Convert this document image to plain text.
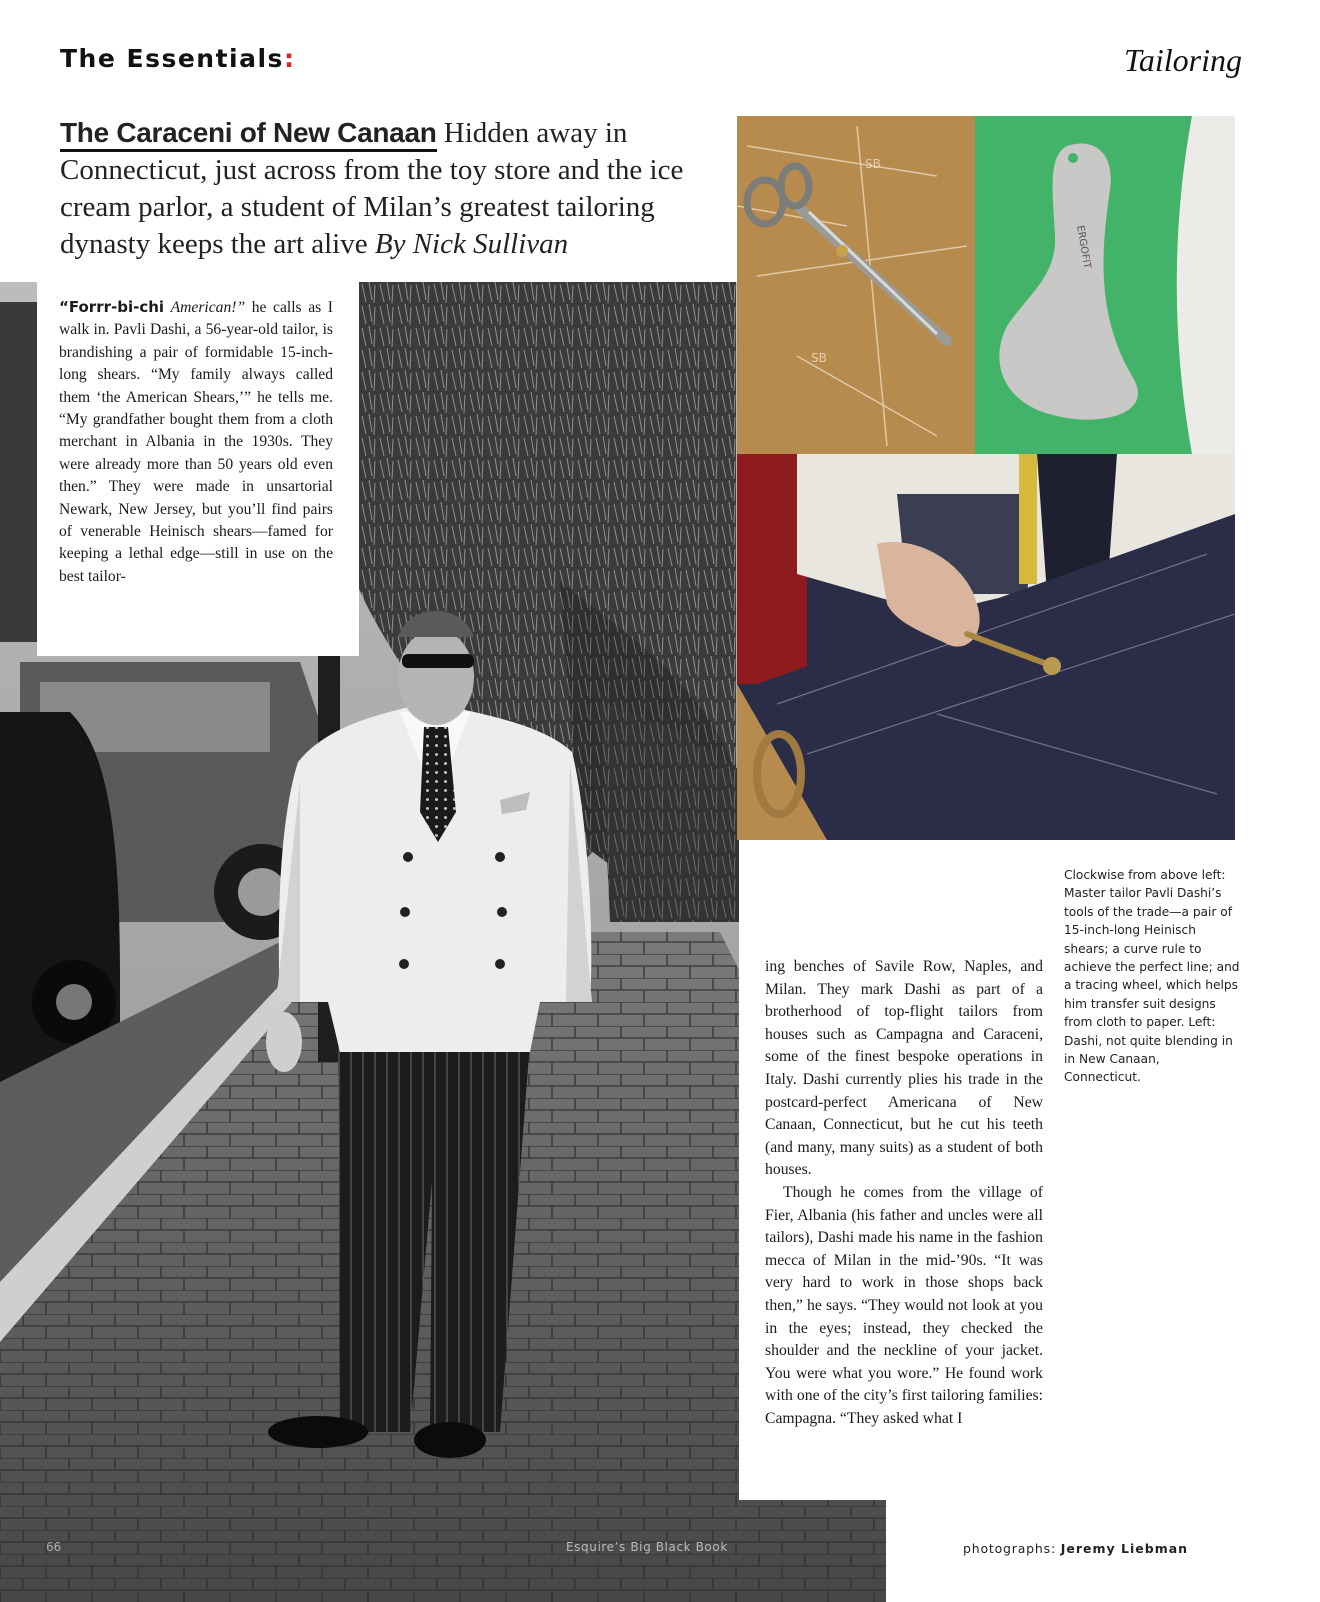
The Essentials:	Tailoring
The Caraceni of New Canaan Hidden away in Connecticut, just across from the toy store and the ice cream parlor, a student of Milan’s greatest tailoring dynasty keeps the art alive By Nick Sullivan
“Forrr-bi-chi American!” he calls as I walk in. Pavli Dashi, a 56-year-old tailor, is brandishing a pair of formidable 15-inch-long shears. “My family always called them ‘the American Shears,’” he tells me. “My grandfather bought them from a cloth merchant in Albania in the 1930s. They were already more than 50 years old even then.” They were made in unsartorial Newark, New Jersey, but you’ll find pairs of venerable Heinisch shears—famed for keeping a lethal edge—still in use on the best tailor-
SB
SB
ERGOFIT

ing benches of Savile Row, Naples, and Milan. They mark Dashi as part of a brotherhood of top-flight tailors from houses such as Campagna and Caraceni, some of the finest bespoke operations in Italy. Dashi currently plies his trade in the postcard-perfect Americana of New Canaan, Connecticut, but he cut his teeth (and many, many suits) as a student of both houses.

Though he comes from the village of Fier, Albania (his father and uncles were all tailors), Dashi made his name in the fashion mecca of Milan in the mid-’90s. “It was very hard to work in those shops back then,” he says. “They would not look at you in the eyes; instead, they checked the shoulder and the neckline of your jacket. You were what you wore.” He found work with one of the city’s first tailoring families: Campagna. “They asked what I

Clockwise from above left: Master tailor Pavli Dashi’s tools of the trade—a pair of 15-inch-long Heinisch shears; a curve rule to achieve the perfect line; and a tracing wheel, which helps him transfer suit designs from cloth to paper. Left: Dashi, not quite blending in in New Canaan, Connecticut.
66	Esquire’s Big Black Book	photographs: Jeremy Liebman
